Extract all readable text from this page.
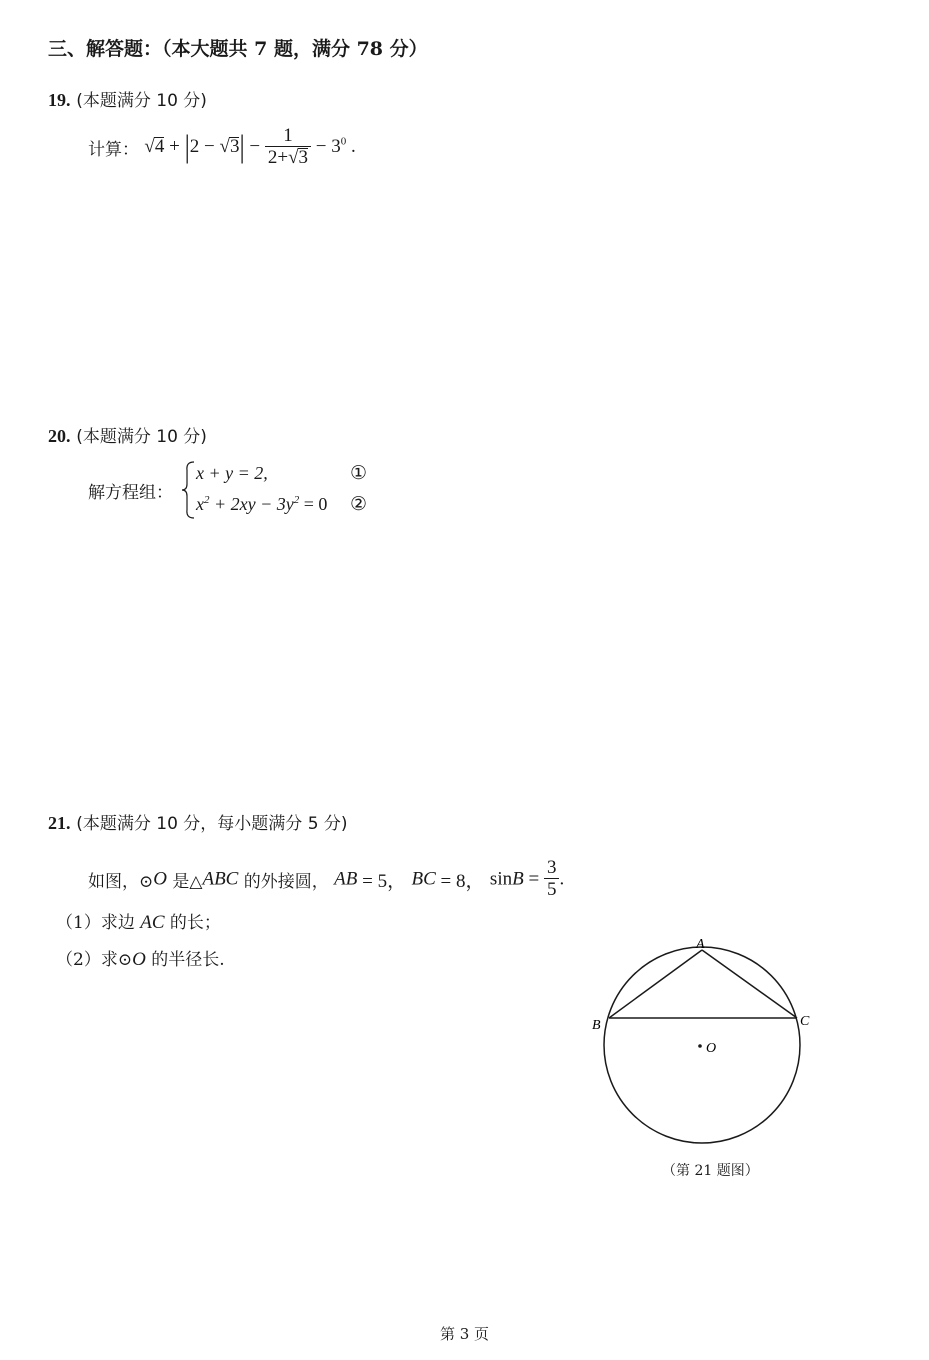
三、解答题：（本大题共 7 题，满分 78 分）
19. (本题满分 10 分)
计算： $√4 + |2 - √3| - \frac{1}{2+√3} - 3^0$ .
20. (本题满分 10 分)
解方程组：
x + y = 2,	①
$x^2 + 2xy - 3y^2 = 0$ ②
21. (本题满分 10 分，每小题满分 5 分)
如图，⊙O 是△ABC 的外接圆， AB = 5， BC = 8， $\sin B = \frac{3}{5}$ .
（1）求边 AC 的长；
（2）求⊙O 的半径长.
A
B	C
O
（第 21 题图）
第 3 页
